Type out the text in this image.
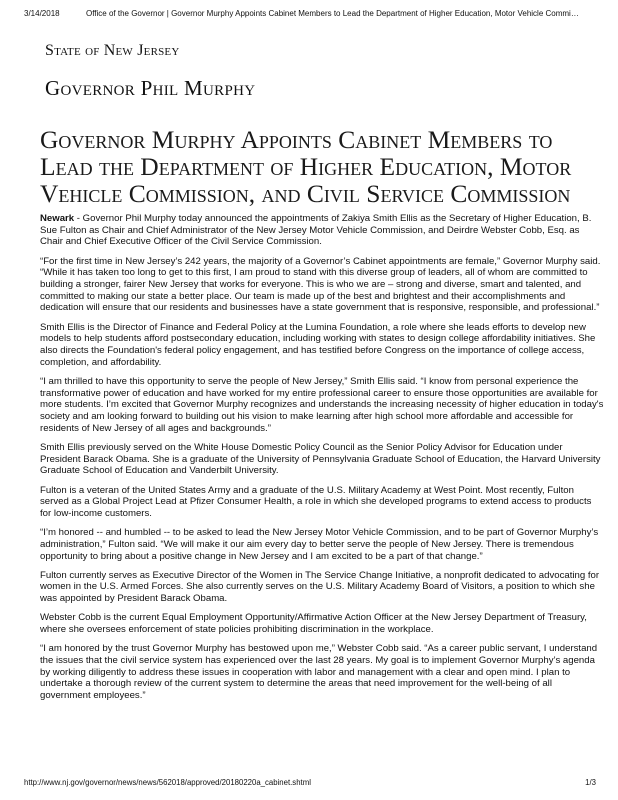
3/14/2018	Office of the Governor | Governor Murphy Appoints Cabinet Members to Lead the Department of Higher Education, Motor Vehicle Commi…
State of New Jersey
Governor Phil Murphy
Governor Murphy Appoints Cabinet Members to Lead the Department of Higher Education, Motor Vehicle Commission, and Civil Service Commission

Newark - Governor Phil Murphy today announced the appointments of Zakiya Smith Ellis as the Secretary of Higher Education, B. Sue Fulton as Chair and Chief Administrator of the New Jersey Motor Vehicle Commission, and Deirdre Webster Cobb, Esq. as Chair and Chief Executive Officer of the Civil Service Commission.

“For the first time in New Jersey’s 242 years, the majority of a Governor’s Cabinet appointments are female,” Governor Murphy said. “While it has taken too long to get to this first, I am proud to stand with this diverse group of leaders, all of whom are committed to building a stronger, fairer New Jersey that works for everyone. This is who we are – strong and diverse, smart and talented, and committed to making our state a better place. Our team is made up of the best and brightest and their accomplishments and dedication will ensure that our residents and businesses have a state government that is responsive, responsible, and professional.”

Smith Ellis is the Director of Finance and Federal Policy at the Lumina Foundation, a role where she leads efforts to develop new models to help students afford postsecondary education, including working with states to design college affordability initiatives. She also directs the Foundation's federal policy engagement, and has testified before Congress on the importance of college access, completion, and affordability.

“I am thrilled to have this opportunity to serve the people of New Jersey,” Smith Ellis said. “I know from personal experience the transformative power of education and have worked for my entire professional career to ensure those opportunities are available for more students. I’m excited that Governor Murphy recognizes and understands the increasing necessity of higher education in today's society and am looking forward to building out his vision to make learning after high school more affordable and accessible for residents of New Jersey of all ages and backgrounds.”

Smith Ellis previously served on the White House Domestic Policy Council as the Senior Policy Advisor for Education under President Barack Obama. She is a graduate of the University of Pennsylvania Graduate School of Education, the Harvard University Graduate School of Education and Vanderbilt University.

Fulton is a veteran of the United States Army and a graduate of the U.S. Military Academy at West Point. Most recently, Fulton served as a Global Project Lead at Pfizer Consumer Health, a role in which she developed programs to extend access to products for low-income customers.

“I’m honored -- and humbled -- to be asked to lead the New Jersey Motor Vehicle Commission, and to be part of Governor Murphy’s administration,” Fulton said. “We will make it our aim every day to better serve the people of New Jersey. There is tremendous opportunity to bring about a positive change in New Jersey and I am excited to be a part of that change.”

Fulton currently serves as Executive Director of the Women in The Service Change Initiative, a nonprofit dedicated to advocating for women in the U.S. Armed Forces. She also currently serves on the U.S. Military Academy Board of Visitors, a position to which she was appointed by President Barack Obama.

Webster Cobb is the current Equal Employment Opportunity/Affirmative Action Officer at the New Jersey Department of Treasury, where she oversees enforcement of state policies prohibiting discrimination in the workplace.

“I am honored by the trust Governor Murphy has bestowed upon me,” Webster Cobb said. “As a career public servant, I understand the issues that the civil service system has experienced over the last 28 years. My goal is to implement Governor Murphy’s agenda by working diligently to address these issues in cooperation with labor and management with a clear and open mind. I plan to undertake a thorough review of the current system to determine the areas that need improvement for the well-being of all government employees.”

http://www.nj.gov/governor/news/news/562018/approved/20180220a_cabinet.shtml	1/3
